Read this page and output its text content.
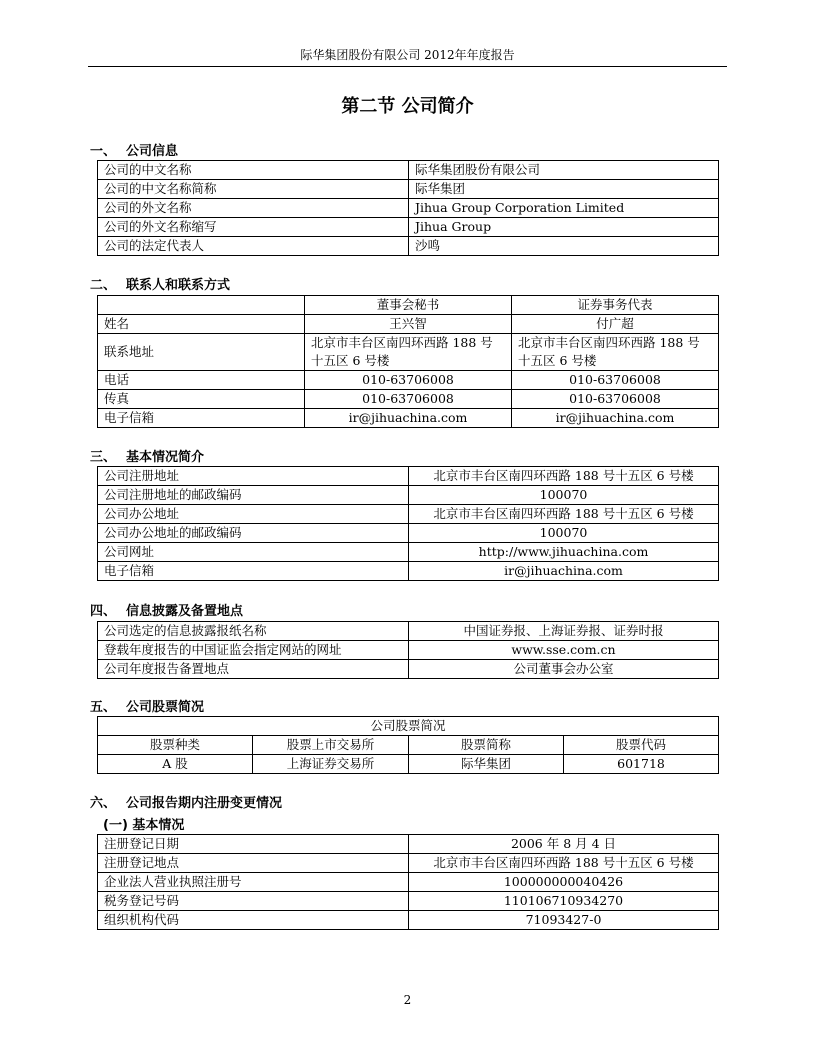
际华集团股份有限公司 2012年年度报告
第二节 公司简介
一、 公司信息
公司的中文名称	际华集团股份有限公司
公司的中文名称简称	际华集团
公司的外文名称	Jihua Group Corporation Limited
公司的外文名称缩写	Jihua Group
公司的法定代表人	沙鸣
二、 联系人和联系方式
	董事会秘书	证券事务代表
姓名	王兴智	付广超
联系地址	北京市丰台区南四环西路 188 号十五区 6 号楼	北京市丰台区南四环西路 188 号十五区 6 号楼
电话	010-63706008	010-63706008
传真	010-63706008	010-63706008
电子信箱	ir@jihuachina.com	ir@jihuachina.com
三、 基本情况简介
公司注册地址	北京市丰台区南四环西路 188 号十五区 6 号楼
公司注册地址的邮政编码	100070
公司办公地址	北京市丰台区南四环西路 188 号十五区 6 号楼
公司办公地址的邮政编码	100070
公司网址	http://www.jihuachina.com
电子信箱	ir@jihuachina.com
四、 信息披露及备置地点
公司选定的信息披露报纸名称	中国证券报、上海证券报、证券时报
登载年度报告的中国证监会指定网站的网址	www.sse.com.cn
公司年度报告备置地点	公司董事会办公室
五、 公司股票简况
公司股票简况			
股票种类	股票上市交易所	股票简称	股票代码
A 股	上海证券交易所	际华集团	601718
六、 公司报告期内注册变更情况
(一) 基本情况
注册登记日期	2006 年 8 月 4 日
注册登记地点	北京市丰台区南四环西路 188 号十五区 6 号楼
企业法人营业执照注册号	100000000040426
税务登记号码	110106710934270
组织机构代码	71093427-0
2
